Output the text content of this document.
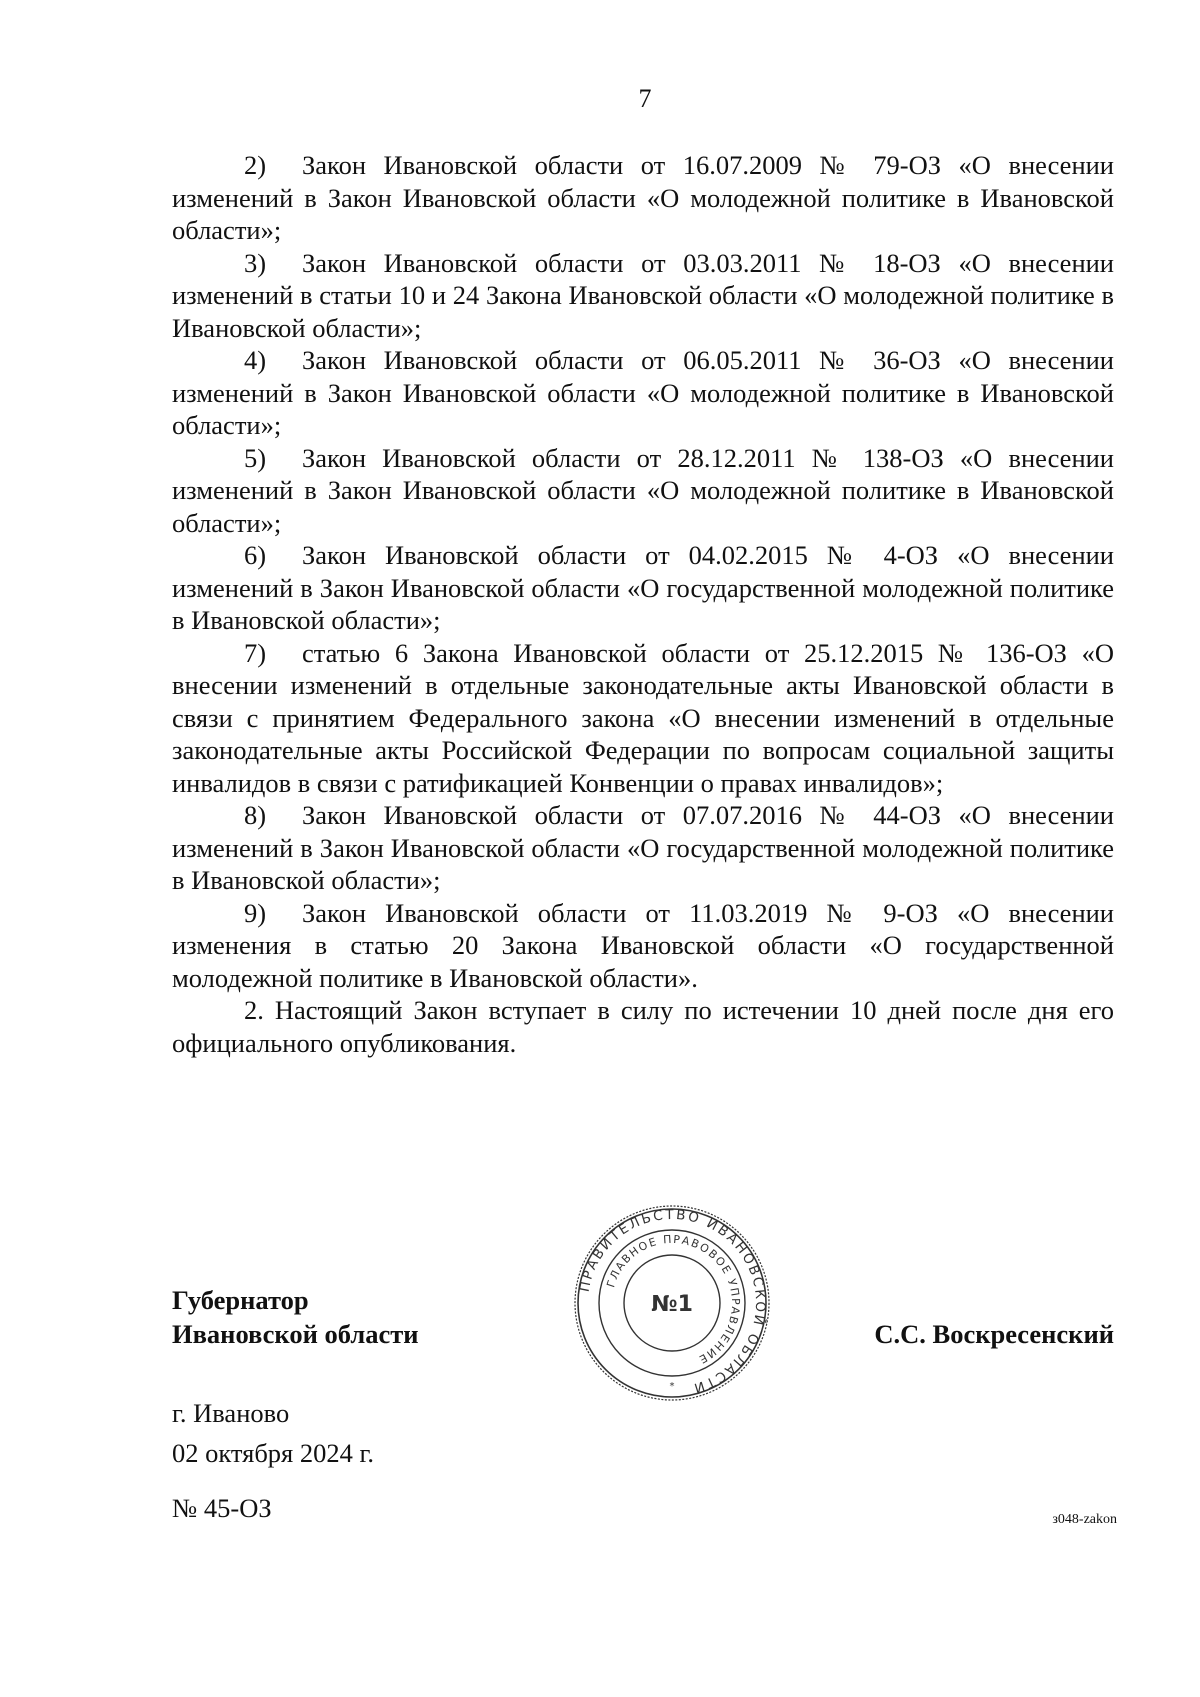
7

2) Закон Ивановской области от 16.07.2009 № 79-ОЗ «О внесении изменений в Закон Ивановской области «О молодежной политике в Ивановской области»;

3) Закон Ивановской области от 03.03.2011 № 18-ОЗ «О внесении изменений в статьи 10 и 24 Закона Ивановской области «О молодежной политике в Ивановской области»;

4) Закон Ивановской области от 06.05.2011 № 36-ОЗ «О внесении изменений в Закон Ивановской области «О молодежной политике в Ивановской области»;

5) Закон Ивановской области от 28.12.2011 № 138-ОЗ «О внесении изменений в Закон Ивановской области «О молодежной политике в Ивановской области»;

6) Закон Ивановской области от 04.02.2015 № 4-ОЗ «О внесении изменений в Закон Ивановской области «О государственной молодежной политике в Ивановской области»;

7) статью 6 Закона Ивановской области от 25.12.2015 № 136-ОЗ «О внесении изменений в отдельные законодательные акты Ивановской области в связи с принятием Федерального закона «О внесении изменений в отдельные законодательные акты Российской Федерации по вопросам социальной защиты инвалидов в связи с ратификацией Конвенции о правах инвалидов»;

8) Закон Ивановской области от 07.07.2016 № 44-ОЗ «О внесении изменений в Закон Ивановской области «О государственной молодежной политике в Ивановской области»;

9) Закон Ивановской области от 11.03.2019 № 9-ОЗ «О внесении изменения в статью 20 Закона Ивановской области «О государственной молодежной политике в Ивановской области».

2. Настоящий Закон вступает в силу по истечении 10 дней после дня его официального опубликования.

Губернатор
Ивановской области
ПРАВИТЕЛЬСТВО ИВАНОВСКОЙ ОБЛАСТИ
ГЛАВНОЕ ПРАВОВОЕ УПРАВЛЕНИЕ
№1
*
С.С. Воскресенский
г. Иваново
02 октября 2024 г.
№ 45-ОЗ	з048-zakon
